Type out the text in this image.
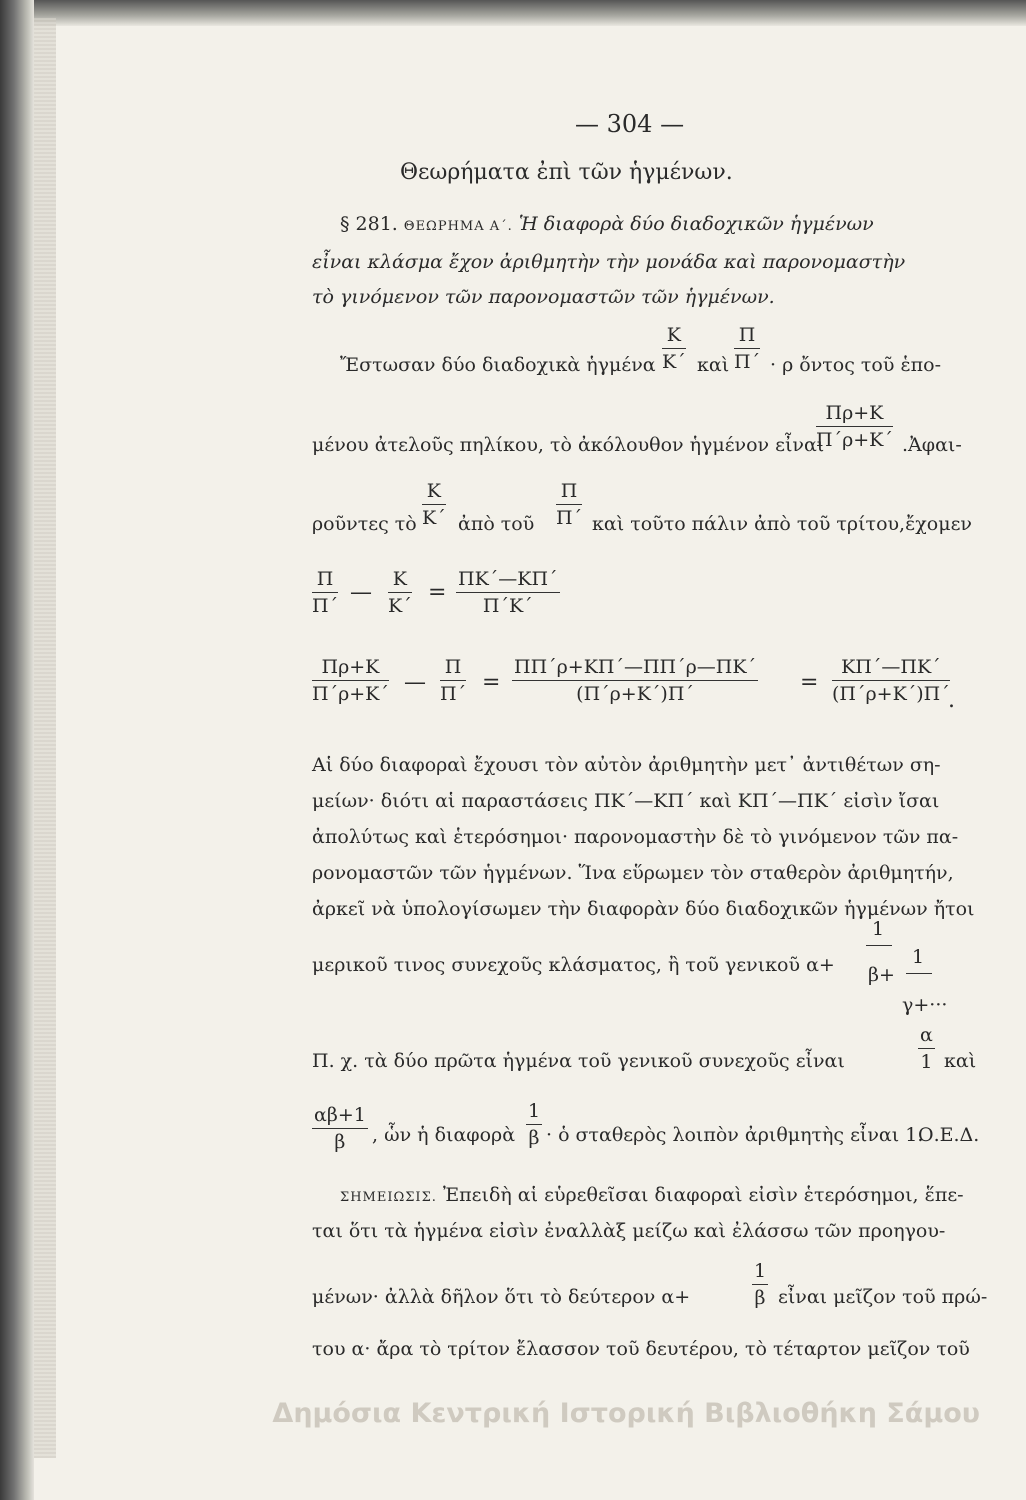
— 304 —
Θεωρήματα ἐπὶ τῶν ἡγμένων.
§ 281. ΘΕΩΡΗΜΑ Α΄. Ἡ διαφορὰ δύο διαδοχικῶν ἡγμένων
εἶναι κλάσμα ἔχον ἀριθμητὴν τὴν μονάδα καὶ παρονομαστὴν
τὸ γινόμενον τῶν παρονομαστῶν τῶν ἡγμένων.
Ἔστωσαν δύο διαδοχικὰ ἡγμένα $\frac{K}{K΄}$ καὶ $\frac{\Pi}{\Pi΄} \cdot \rho$ ὄντος τοῦ ἑπο-
μένου ἀτελοῦς πηλίκου, τὸ ἀκόλουθον ἡγμένον εἶναι
$\frac{\Pi\rho+K}{\Pi΄\rho+K΄}$ .Ἀφαι-
ροῦντες τὸ $\frac{K}{K΄}$ ἀπὸ τοῦ $\frac{\Pi}{\Pi΄}$ καὶ τοῦτο πάλιν ἀπὸ τοῦ τρίτου,ἔχομεν
$\frac{\Pi}{\Pi΄}$ — $\frac{K}{K΄} = \frac{\Pi K΄—K\Pi΄}{\Pi΄K΄}$
$\frac{\Pi\rho+K}{\Pi΄\rho+K΄}$ — $\frac{\Pi}{\Pi΄} = \frac{\Pi\Pi΄\rho+K\Pi΄—\Pi\Pi΄\rho—\Pi K΄}{(\Pi΄\rho+K΄)\Pi΄} = \frac{K\Pi΄—\Pi K΄}{(\Pi΄\rho+K΄)\Pi΄}$
.
Αἱ δύο διαφοραὶ ἔχουσι τὸν αὐτὸν ἀριθμητὴν μετ᾽ ἀντιθέτων ση-
μείων· διότι αἱ παραστάσεις ΠΚ΄—ΚΠ΄ καὶ ΚΠ΄—ΠΚ΄ εἰσὶν ἴσαι
ἀπολύτως καὶ ἑτερόσημοι· παρονομαστὴν δὲ τὸ γινόμενον τῶν πα-
ρονομαστῶν τῶν ἡγμένων. Ἵνα εὕρωμεν τὸν σταθερὸν ἀριθμητήν,
ἀρκεῖ νὰ ὑπολογίσωμεν τὴν διαφορὰν δύο διαδοχικῶν ἡγμένων ἤτοι
μερικοῦ τινος συνεχοῦς κλάσματος, ἢ τοῦ γενικοῦ α+
1
β+
1
γ+···
Π. χ. τὰ δύο πρῶτα ἡγμένα τοῦ γενικοῦ συνεχοῦς εἶναι	$\frac{\alpha}{1}$ καὶ
$\frac{\alpha\beta+1}{\beta}$ , ὧν ἡ διαφορὰ $\frac{1}{\beta}$ · ὁ σταθερὸς λοιπὸν ἀριθμητὴς εἶναι 1.
Ο.Ε.Δ.
ΣΗΜΕΙΩΣΙΣ. Ἐπειδὴ αἱ εὑρεθεῖσαι διαφοραὶ εἰσὶν ἑτερόσημοι, ἕπε-
ται ὅτι τὰ ἡγμένα εἰσὶν ἐναλλὰξ μείζω καὶ ἐλάσσω τῶν προηγου-
μένων· ἀλλὰ δῆλον ὅτι τὸ δεύτερον α+	$\frac{1}{\beta}$ εἶναι μεῖζον τοῦ πρώ-
του α· ἄρα τὸ τρίτον ἔλασσον τοῦ δευτέρου, τὸ τέταρτον μεῖζον τοῦ
Δημόσια Κεντρική Ιστορική Βιβλιοθήκη Σάμου
